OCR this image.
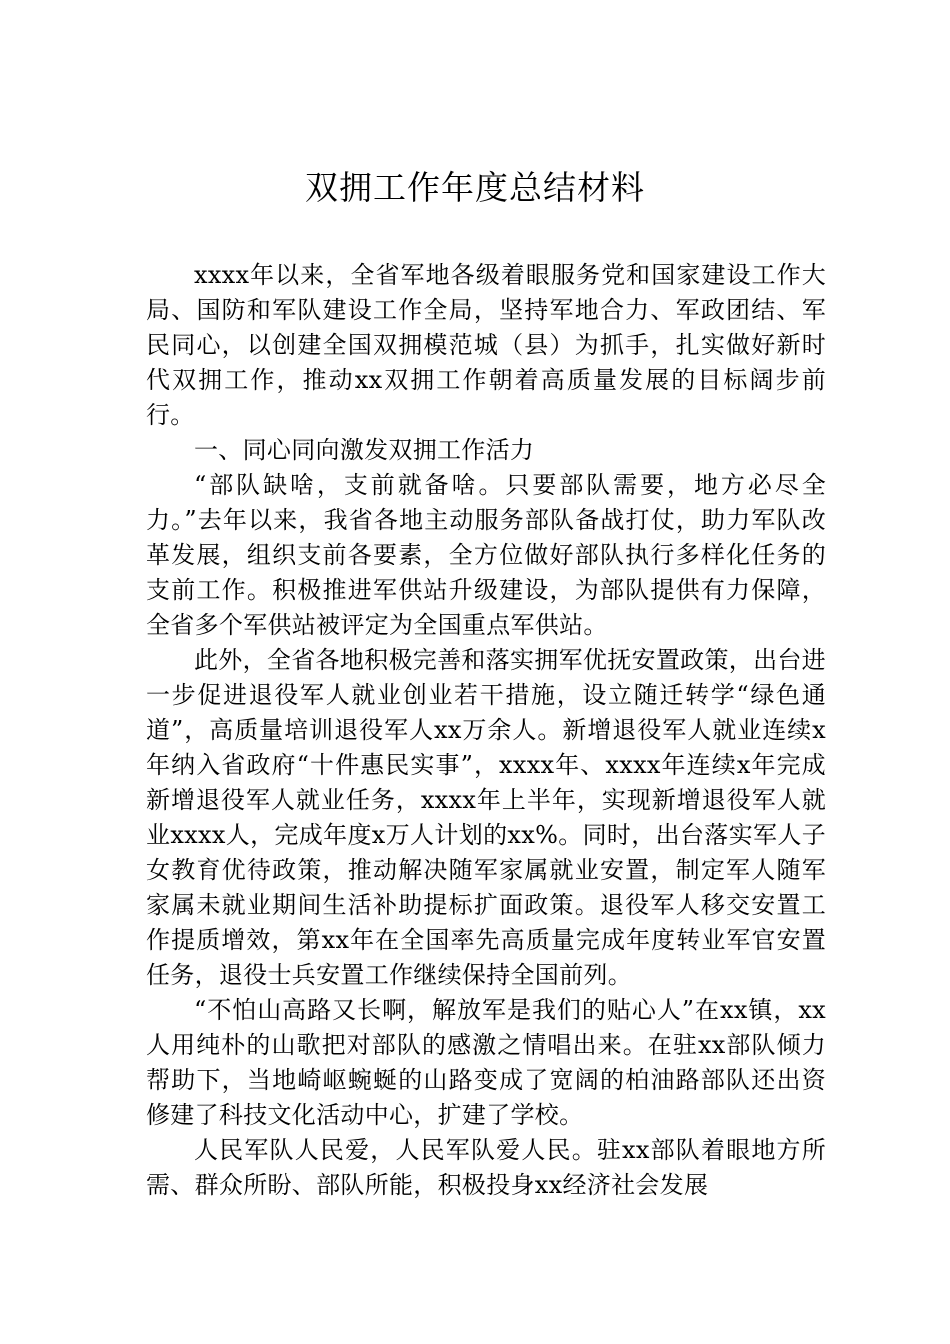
双拥工作年度总结材料

xxxx年以来，全省军地各级着眼服务党和国家建设工作大局、国防和军队建设工作全局，坚持军地合力、军政团结、军民同心，以创建全国双拥模范城（县）为抓手，扎实做好新时代双拥工作，推动xx双拥工作朝着高质量发展的目标阔步前行。

一、同心同向激发双拥工作活力

“部队缺啥，支前就备啥。只要部队需要，地方必尽全力。”去年以来，我省各地主动服务部队备战打仗，助力军队改革发展，组织支前各要素，全方位做好部队执行多样化任务的支前工作。积极推进军供站升级建设，为部队提供有力保障，全省多个军供站被评定为全国重点军供站。

此外，全省各地积极完善和落实拥军优抚安置政策，出台进一步促进退役军人就业创业若干措施，设立随迁转学“绿色通道”，高质量培训退役军人xx万余人。新增退役军人就业连续x年纳入省政府“十件惠民实事”，xxxx年、xxxx年连续x年完成新增退役军人就业任务，xxxx年上半年，实现新增退役军人就业xxxx人，完成年度x万人计划的xx%。同时，出台落实军人子女教育优待政策，推动解决随军家属就业安置，制定军人随军家属未就业期间生活补助提标扩面政策。退役军人移交安置工作提质增效，第xx年在全国率先高质量完成年度转业军官安置任务，退役士兵安置工作继续保持全国前列。

“不怕山高路又长啊，解放军是我们的贴心人”在xx镇，xx人用纯朴的山歌把对部队的感激之情唱出来。在驻xx部队倾力帮助下，当地崎岖蜿蜒的山路变成了宽阔的柏油路部队还出资修建了科技文化活动中心，扩建了学校。

人民军队人民爱，人民军队爱人民。驻xx部队着眼地方所需、群众所盼、部队所能，积极投身xx经济社会发展
